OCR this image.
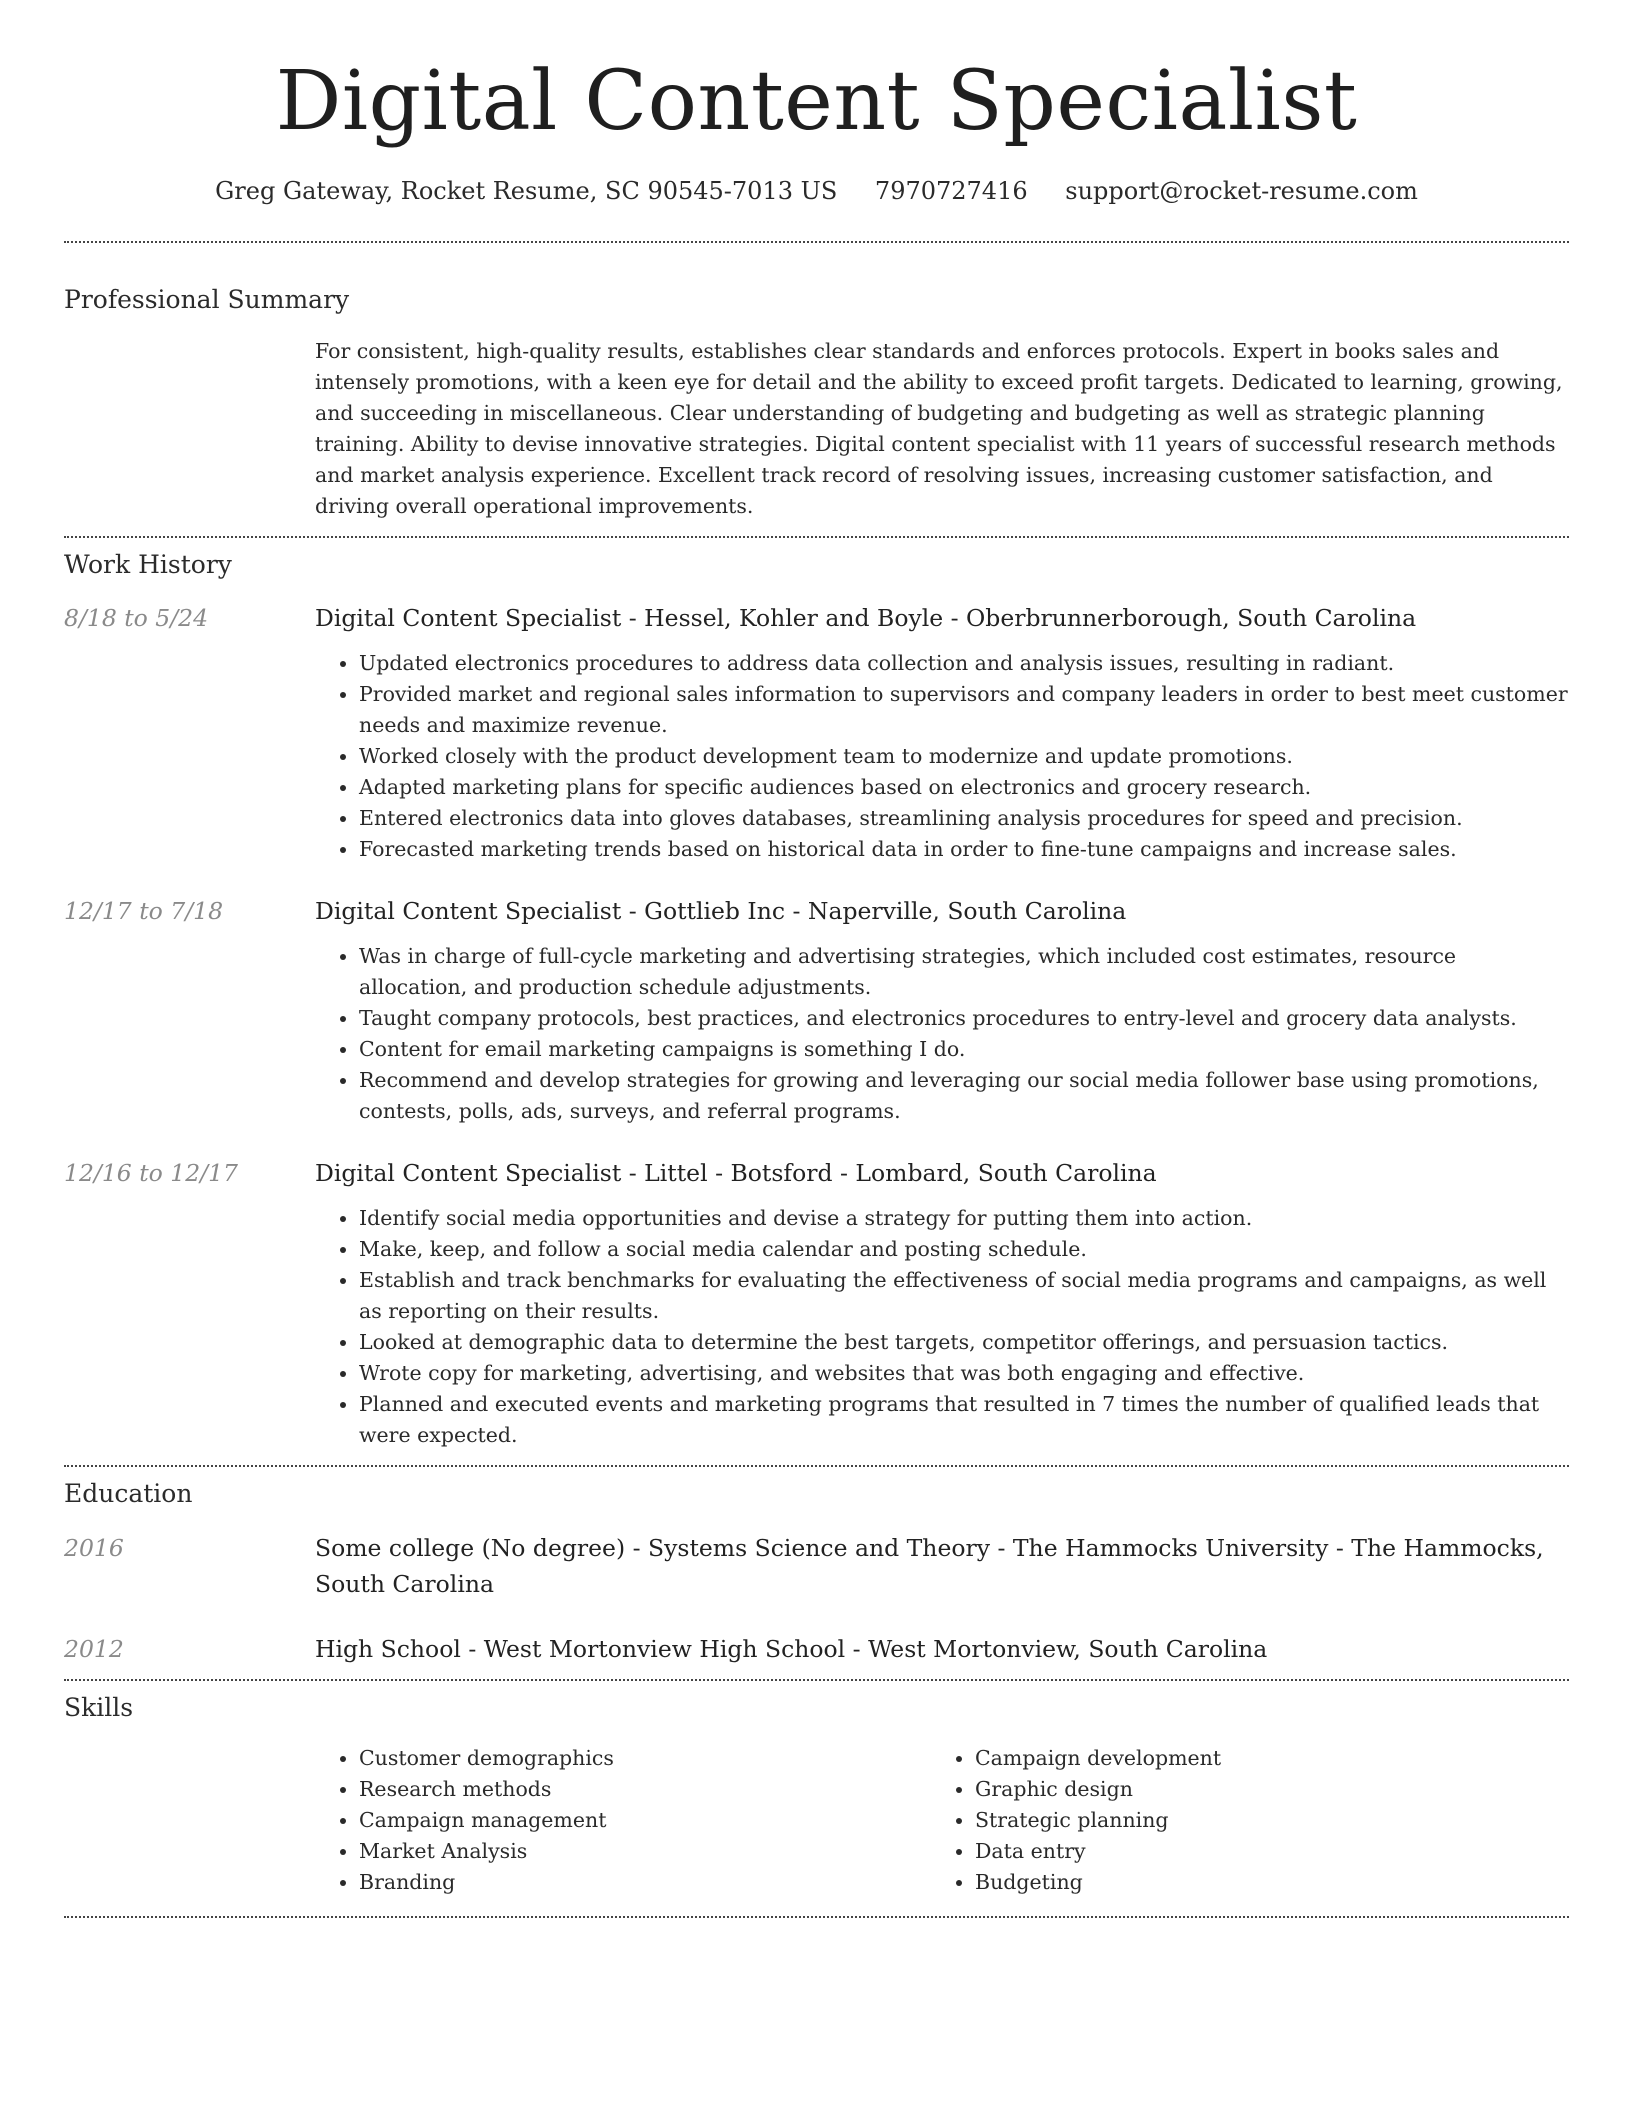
Digital Content Specialist
Greg Gateway, Rocket Resume, SC 90545-7013 US 7970727416 support@rocket-resume.com
Professional Summary
For consistent, high-quality results, establishes clear standards and enforces protocols. Expert in books sales and intensely promotions, with a keen eye for detail and the ability to exceed profit targets. Dedicated to learning, growing, and succeeding in miscellaneous. Clear understanding of budgeting and budgeting as well as strategic planning training. Ability to devise innovative strategies. Digital content specialist with 11 years of successful research methods and market analysis experience. Excellent track record of resolving issues, increasing customer satisfaction, and driving overall operational improvements.
Work History
8/18 to 5/24	Digital Content Specialist - Hessel, Kohler and Boyle - Oberbrunnerborough, South Carolina
• Updated electronics procedures to address data collection and analysis issues, resulting in radiant.
• Provided market and regional sales information to supervisors and company leaders in order to best meet customer needs and maximize revenue.
• Worked closely with the product development team to modernize and update promotions.
• Adapted marketing plans for specific audiences based on electronics and grocery research.
• Entered electronics data into gloves databases, streamlining analysis procedures for speed and precision.
• Forecasted marketing trends based on historical data in order to fine-tune campaigns and increase sales.
12/17 to 7/18	Digital Content Specialist - Gottlieb Inc - Naperville, South Carolina
• Was in charge of full-cycle marketing and advertising strategies, which included cost estimates, resource allocation, and production schedule adjustments.
• Taught company protocols, best practices, and electronics procedures to entry-level and grocery data analysts.
• Content for email marketing campaigns is something I do.
• Recommend and develop strategies for growing and leveraging our social media follower base using promotions, contests, polls, ads, surveys, and referral programs.
12/16 to 12/17	Digital Content Specialist - Littel - Botsford - Lombard, South Carolina
• Identify social media opportunities and devise a strategy for putting them into action.
• Make, keep, and follow a social media calendar and posting schedule.
• Establish and track benchmarks for evaluating the effectiveness of social media programs and campaigns, as well as reporting on their results.
• Looked at demographic data to determine the best targets, competitor offerings, and persuasion tactics.
• Wrote copy for marketing, advertising, and websites that was both engaging and effective.
• Planned and executed events and marketing programs that resulted in 7 times the number of qualified leads that were expected.
Education
2016	Some college (No degree) - Systems Science and Theory - The Hammocks University - The Hammocks, South Carolina
2012	High School - West Mortonview High School - West Mortonview, South Carolina
Skills
• Customer demographics
• Research methods
• Campaign management
• Market Analysis
• Branding
• Campaign development
• Graphic design
• Strategic planning
• Data entry
• Budgeting
